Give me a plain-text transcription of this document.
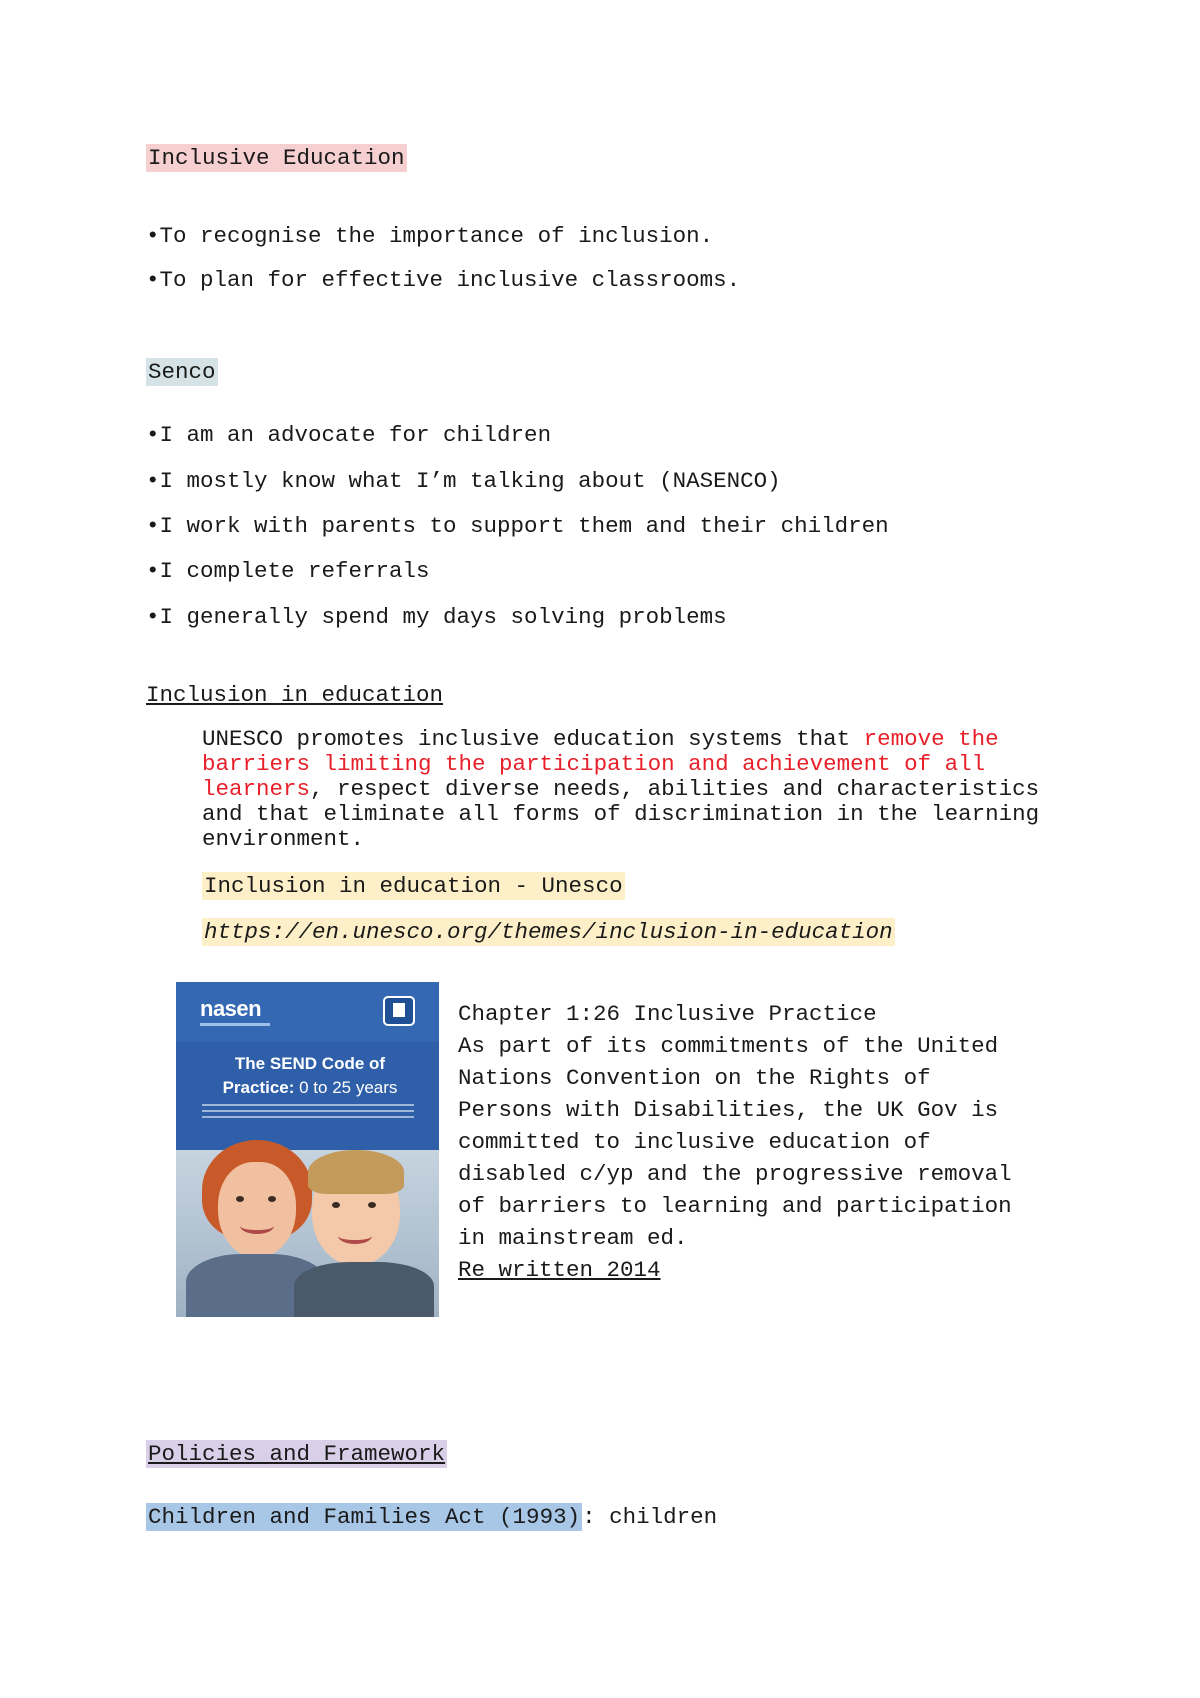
Inclusive Education
•To recognise the importance of inclusion.
•To plan for effective inclusive classrooms.
Senco
•I am an advocate for children
•I mostly know what I’m talking about (NASENCO)
•I work with parents to support them and their children
•I complete referrals
•I generally spend my days solving problems
Inclusion in education
UNESCO promotes inclusive education systems that remove the barriers limiting the participation and achievement of all learners, respect diverse needs, abilities and characteristics and that eliminate all forms of discrimination in the learning environment.
Inclusion in education - Unesco
https://en.unesco.org/themes/inclusion-in-education
nasen
The SEND Code of
Practice: 0 to 25 years
Chapter 1:26 Inclusive Practice
As part of its commitments of the United
Nations Convention on the Rights of
Persons with Disabilities, the UK Gov is
committed to inclusive education of
disabled c/yp and the progressive removal
of barriers to learning and participation
in mainstream ed.
Re written 2014
Policies and Framework
Children and Families Act (1993): children
